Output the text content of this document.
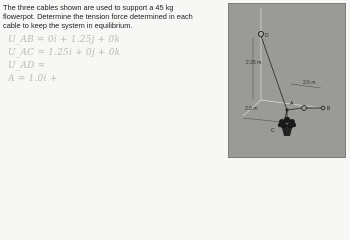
The three cables shown are used to support a 45 kg
flowerpot. Determine the tension force determined in each
cable to keep the system in equilibrium.
U_AB = 0i + 1.25j + 0k
U_AC = 1.25i + 0j + 0k
U_AD =
A = 1.0i +
D
B
C
A
2.25 m
2.5 m
3.5 m
